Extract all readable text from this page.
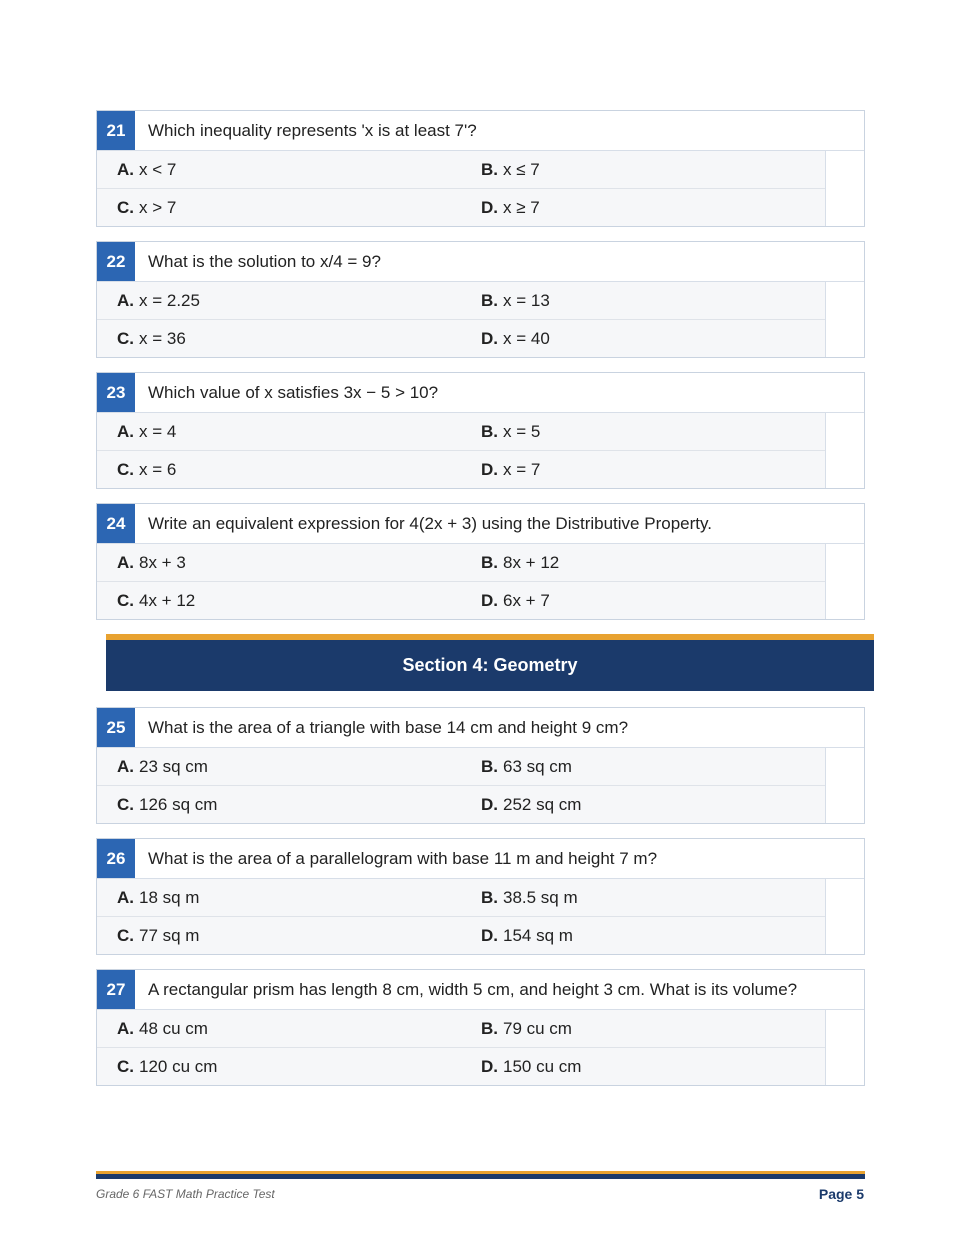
21	Which inequality represents 'x is at least 7'?
A. x < 7	B. x ≤ 7
C. x > 7	D. x ≥ 7
22	What is the solution to x/4 = 9?
A. x = 2.25	B. x = 13
C. x = 36	D. x = 40
23	Which value of x satisfies 3x − 5 > 10?
A. x = 4	B. x = 5
C. x = 6	D. x = 7
24	Write an equivalent expression for 4(2x + 3) using the Distributive Property.
A. 8x + 3	B. 8x + 12
C. 4x + 12	D. 6x + 7
Section 4: Geometry
25	What is the area of a triangle with base 14 cm and height 9 cm?
A. 23 sq cm	B. 63 sq cm
C. 126 sq cm	D. 252 sq cm
26	What is the area of a parallelogram with base 11 m and height 7 m?
A. 18 sq m	B. 38.5 sq m
C. 77 sq m	D. 154 sq m
27	A rectangular prism has length 8 cm, width 5 cm, and height 3 cm. What is its volume?
A. 48 cu cm	B. 79 cu cm
C. 120 cu cm	D. 150 cu cm
Grade 6 FAST Math Practice Test	Page 5
